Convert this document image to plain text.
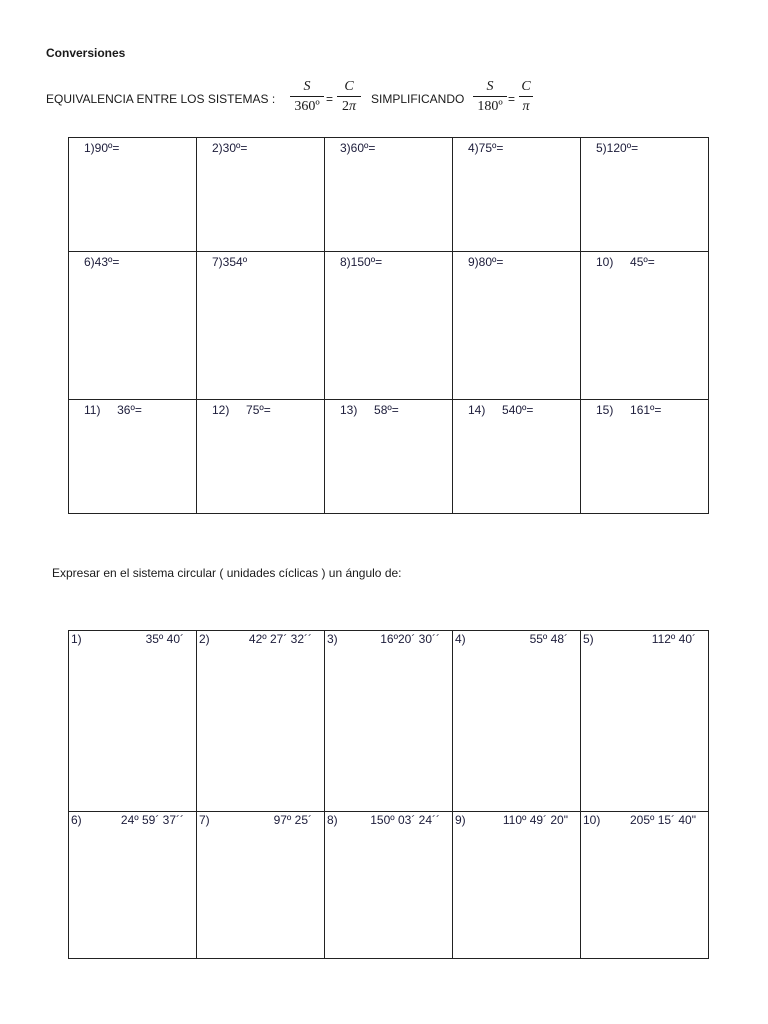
Conversiones
EQUIVALENCIA ENTRE LOS SISTEMAS :
S
360º =
C
2π	SIMPLIFICANDO
S
180º =
C
π
1)90º=	2)30º=	3)60º=	4)75º=	5)120º=

6)43º=	7)354º	8)150º=	9)80º=	10)     45º=

11)     36º=	12)     75º=	13)     58º=	14)     540º=	15)     161º=
Expresar en el sistema circular ( unidades cíclicas ) un ángulo de:
1) 35º 40´	2) 42º 27´ 32´´	3) 16º20´ 30´´	4) 55º 48´	5) 112º 40´

6) 24º 59´ 37´´	7) 97º 25´	8) 150º 03´ 24´´	9) 110º 49´ 20"	10) 205º 15´ 40"
